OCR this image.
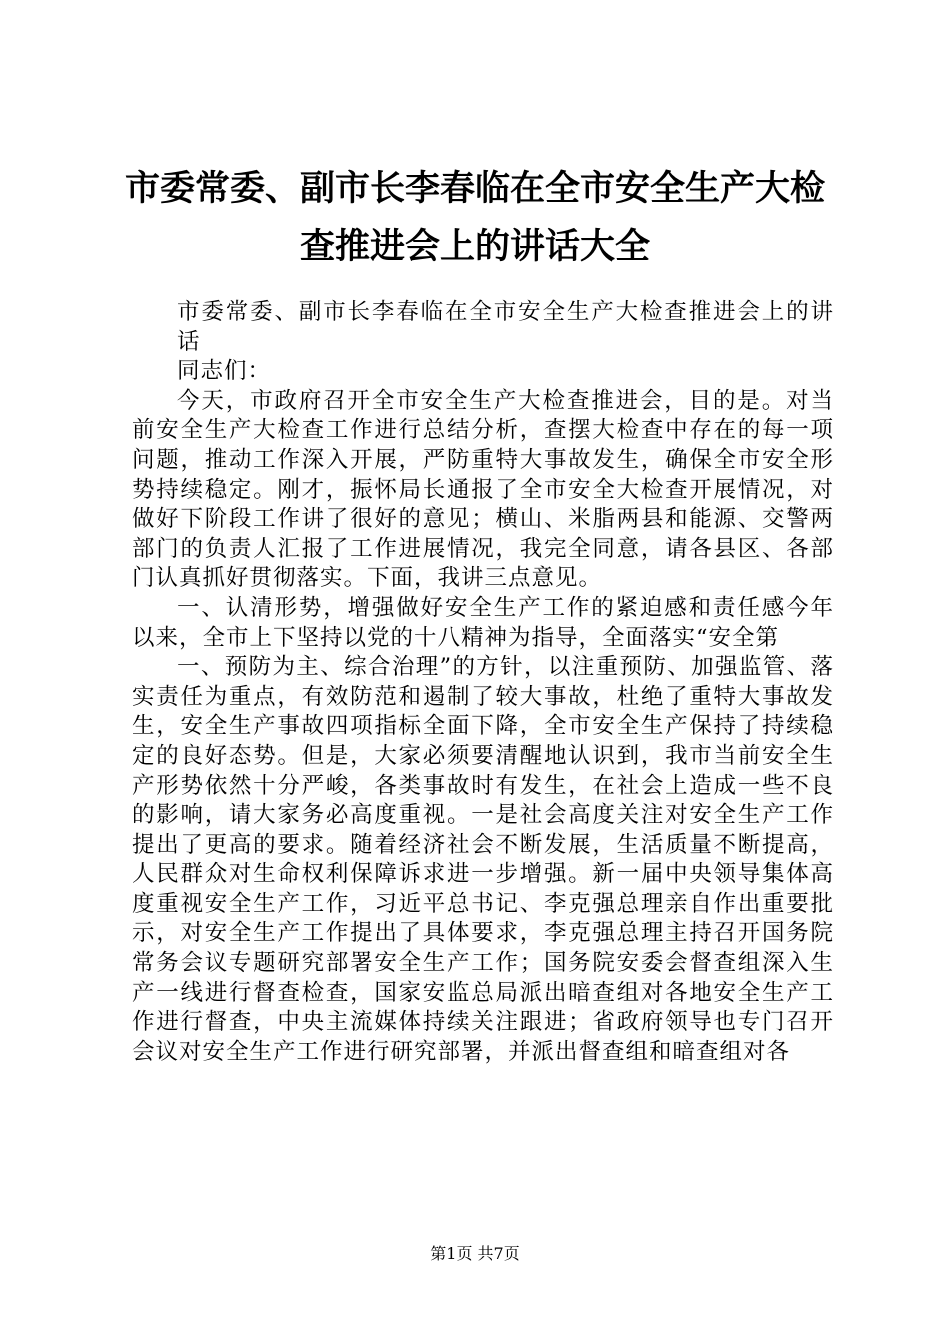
市委常委、副市长李春临在全市安全生产大检查推进会上的讲话大全

市委常委、副市长李春临在全市安全生产大检查推进会上的讲话

同志们：

今天，市政府召开全市安全生产大检查推进会，目的是。对当前安全生产大检查工作进行总结分析，查摆大检查中存在的每一项问题，推动工作深入开展，严防重特大事故发生，确保全市安全形势持续稳定。刚才，振怀局长通报了全市安全大检查开展情况，对做好下阶段工作讲了很好的意见；横山、米脂两县和能源、交警两部门的负责人汇报了工作进展情况，我完全同意，请各县区、各部门认真抓好贯彻落实。下面，我讲三点意见。

一、认清形势，增强做好安全生产工作的紧迫感和责任感今年以来，全市上下坚持以党的十八精神为指导，全面落实“安全第

一、预防为主、综合治理”的方针，以注重预防、加强监管、落实责任为重点，有效防范和遏制了较大事故，杜绝了重特大事故发生，安全生产事故四项指标全面下降，全市安全生产保持了持续稳定的良好态势。但是，大家必须要清醒地认识到，我市当前安全生产形势依然十分严峻，各类事故时有发生，在社会上造成一些不良的影响，请大家务必高度重视。一是社会高度关注对安全生产工作提出了更高的要求。随着经济社会不断发展，生活质量不断提高，人民群众对生命权利保障诉求进一步增强。新一届中央领导集体高度重视安全生产工作，习近平总书记、李克强总理亲自作出重要批示，对安全生产工作提出了具体要求，李克强总理主持召开国务院常务会议专题研究部署安全生产工作；国务院安委会督查组深入生产一线进行督查检查，国家安监总局派出暗查组对各地安全生产工作进行督查，中央主流媒体持续关注跟进；省政府领导也专门召开会议对安全生产工作进行研究部署，并派出督查组和暗查组对各

第1页 共7页
